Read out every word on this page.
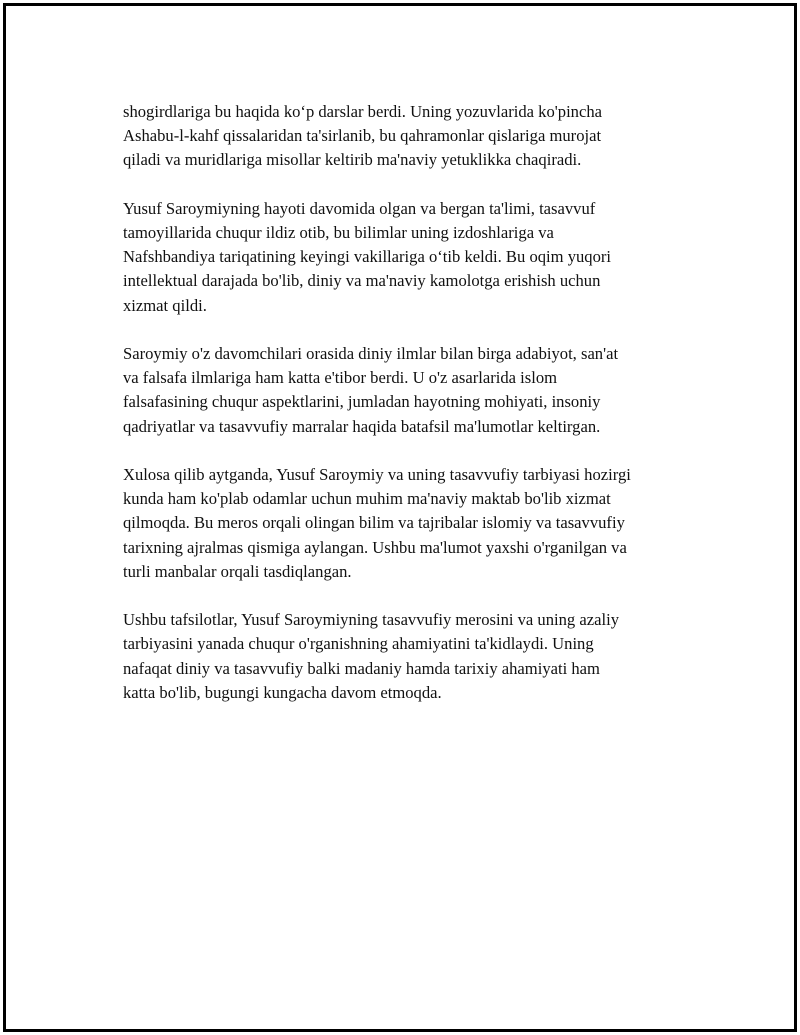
shogirdlariga bu haqida ko‘p darslar berdi. Uning yozuvlarida ko'pincha
Ashabu-l-kahf qissalaridan ta'sirlanib, bu qahramonlar qislariga murojat
qiladi va muridlariga misollar keltirib ma'naviy yetuklikka chaqiradi.

Yusuf Saroymiyning hayoti davomida olgan va bergan ta'limi, tasavvuf
tamoyillarida chuqur ildiz otib, bu bilimlar uning izdoshlariga va
Nafshbandiya tariqatining keyingi vakillariga o‘tib keldi. Bu oqim yuqori
intellektual darajada bo'lib, diniy va ma'naviy kamolotga erishish uchun
xizmat qildi.

Saroymiy o'z davomchilari orasida diniy ilmlar bilan birga adabiyot, san'at
va falsafa ilmlariga ham katta e'tibor berdi. U o'z asarlarida islom
falsafasining chuqur aspektlarini, jumladan hayotning mohiyati, insoniy
qadriyatlar va tasavvufiy marralar haqida batafsil ma'lumotlar keltirgan.

Xulosa qilib aytganda, Yusuf Saroymiy va uning tasavvufiy tarbiyasi hozirgi
kunda ham ko'plab odamlar uchun muhim ma'naviy maktab bo'lib xizmat
qilmoqda. Bu meros orqali olingan bilim va tajribalar islomiy va tasavvufiy
tarixning ajralmas qismiga aylangan. Ushbu ma'lumot yaxshi o'rganilgan va
turli manbalar orqali tasdiqlangan.

Ushbu tafsilotlar, Yusuf Saroymiyning tasavvufiy merosini va uning azaliy
tarbiyasini yanada chuqur o'rganishning ahamiyatini ta'kidlaydi. Uning
nafaqat diniy va tasavvufiy balki madaniy hamda tarixiy ahamiyati ham
katta bo'lib, bugungi kungacha davom etmoqda.
